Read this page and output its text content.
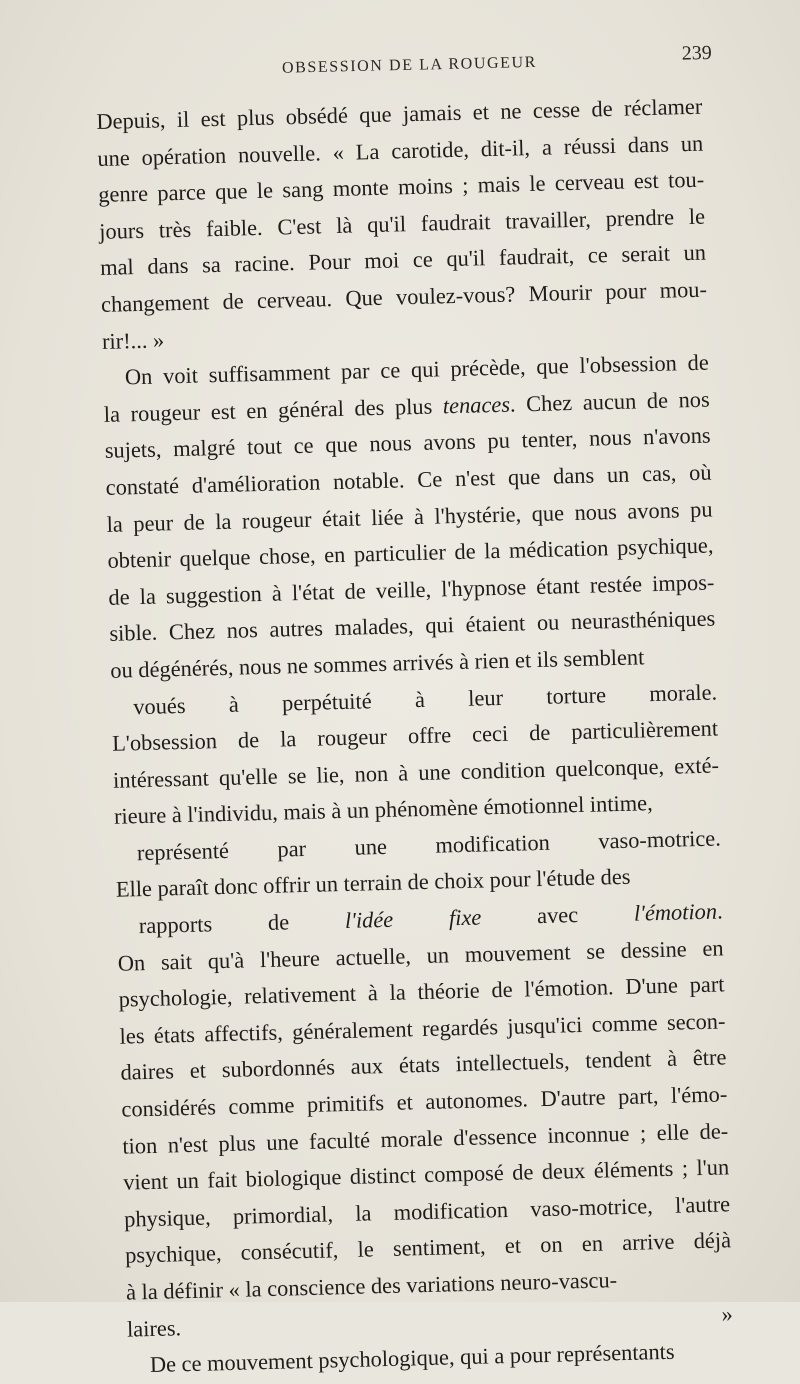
OBSESSION DE LA ROUGEUR
239
Depuis, il est plus obsédé que jamais et ne cesse de réclamer
une opération nouvelle. « La carotide, dit-il, a réussi dans un
genre parce que le sang monte moins ; mais le cerveau est tou-
jours très faible. C'est là qu'il faudrait travailler, prendre le
mal dans sa racine. Pour moi ce qu'il faudrait, ce serait un
changement de cerveau. Que voulez-vous? Mourir pour mou-
rir!... »
On voit suffisamment par ce qui précède, que l'obsession de
la rougeur est en général des plus tenaces. Chez aucun de nos
sujets, malgré tout ce que nous avons pu tenter, nous n'avons
constaté d'amélioration notable. Ce n'est que dans un cas, où
la peur de la rougeur était liée à l'hystérie, que nous avons pu
obtenir quelque chose, en particulier de la médication psychique,
de la suggestion à l'état de veille, l'hypnose étant restée impos-
sible. Chez nos autres malades, qui étaient ou neurasthéniques
ou dégénérés, nous ne sommes arrivés à rien et ils semblent
voués à perpétuité à leur torture morale.
L'obsession de la rougeur offre ceci de particulièrement
intéressant qu'elle se lie, non à une condition quelconque, exté-
rieure à l'individu, mais à un phénomène émotionnel intime,
représenté par une modification vaso-motrice.
Elle paraît donc offrir un terrain de choix pour l'étude des
rapports de l'idée fixe avec l'émotion.
On sait qu'à l'heure actuelle, un mouvement se dessine en
psychologie, relativement à la théorie de l'émotion. D'une part
les états affectifs, généralement regardés jusqu'ici comme secon-
daires et subordonnés aux états intellectuels, tendent à être
considérés comme primitifs et autonomes. D'autre part, l'émo-
tion n'est plus une faculté morale d'essence inconnue ; elle de-
vient un fait biologique distinct composé de deux éléments ; l'un
physique, primordial, la modification vaso-motrice, l'autre
psychique, consécutif, le sentiment, et on en arrive déjà
à la définir « la conscience des variations neuro-vascu-
laires. »
De ce mouvement psychologique, qui a pour représentants
